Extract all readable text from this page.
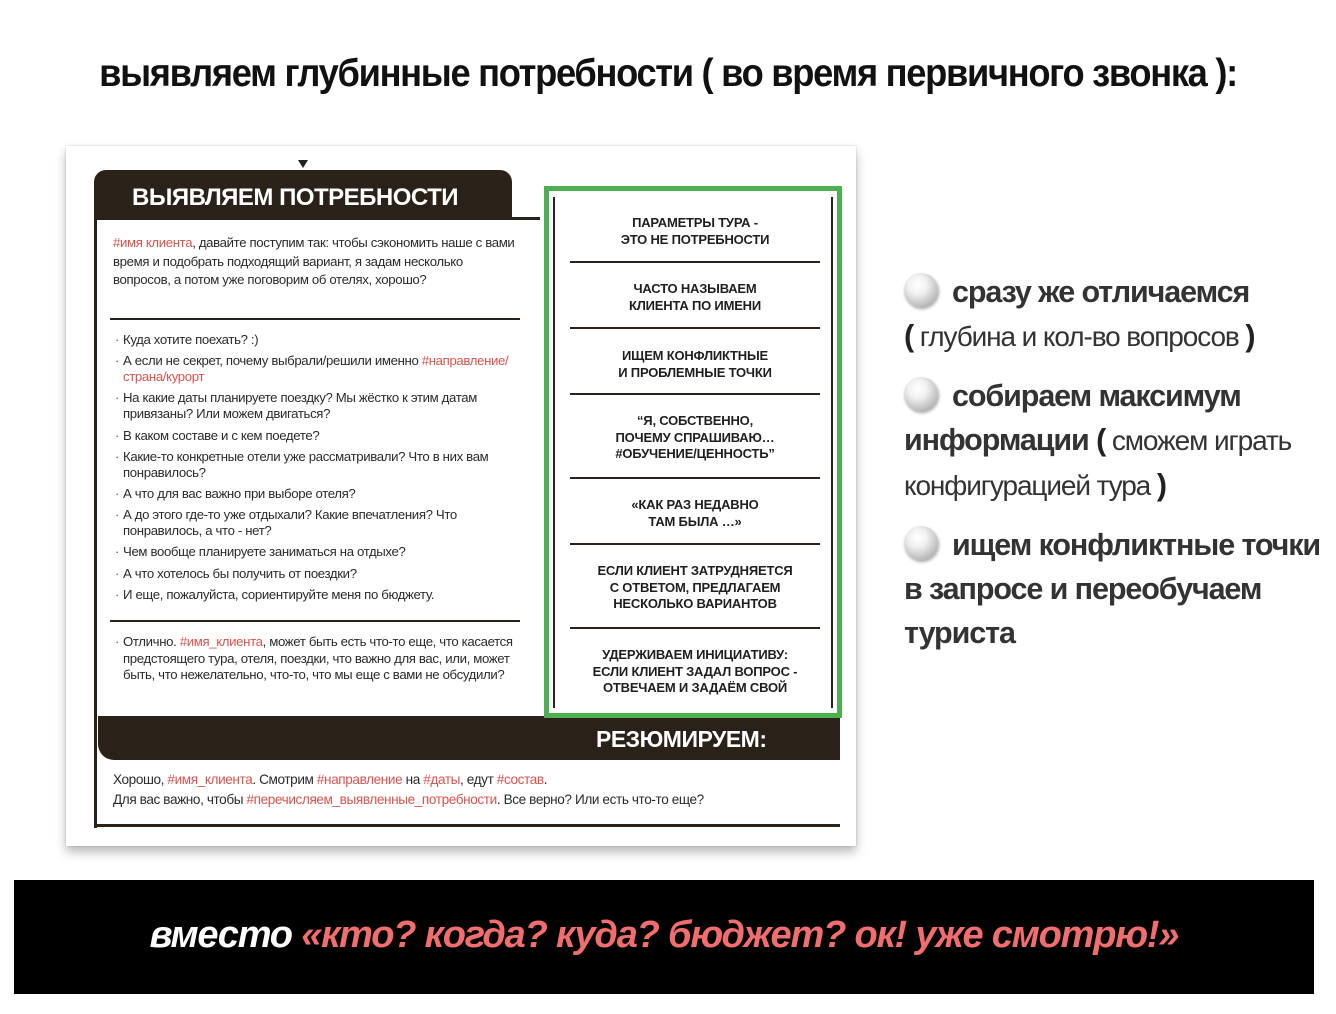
выявляем глубинные потребности ( во время первичного звонка ):
ВЫЯВЛЯЕМ ПОТРЕБНОСТИ
#имя клиента, давайте поступим так: чтобы сэкономить наше с вами время и подобрать подходящий вариант, я задам несколько вопросов, а потом уже поговорим об отелях, хорошо?
· Куда хотите поехать? :)
· А если не секрет, почему выбрали/решили именно #направление/страна/курорт
· На какие даты планируете поездку? Мы жёстко к этим датам привязаны? Или можем двигаться?
· В каком составе и с кем поедете?
· Какие-то конкретные отели уже рассматривали? Что в них вам понравилось?
· А что для вас важно при выборе отеля?
· А до этого где-то уже отдыхали? Какие впечатления? Что понравилось, а что - нет?
· Чем вообще планируете заниматься на отдыхе?
· А что хотелось бы получить от поездки?
· И еще, пожалуйста, сориентируйте меня по бюджету.
· Отлично. #имя_клиента, может быть есть что-то еще, что касается предстоящего тура, отеля, поездки, что важно для вас, или, может быть, что нежелательно, что-то, что мы еще с вами не обсудили?
РЕЗЮМИРУЕМ:
Хорошо, #имя_клиента. Смотрим #направление на #даты, едут #состав.
Для вас важно, чтобы #перечисляем_выявленные_потребности. Все верно? Или есть что-то еще?
ПАРАМЕТРЫ ТУРА -
ЭТО НЕ ПОТРЕБНОСТИ
ЧАСТО НАЗЫВАЕМ
КЛИЕНТА ПО ИМЕНИ
ИЩЕМ КОНФЛИКТНЫЕ
И ПРОБЛЕМНЫЕ ТОЧКИ
“Я, СОБСТВЕННО,
ПОЧЕМУ СПРАШИВАЮ…
#ОБУЧЕНИЕ/ЦЕННОСТЬ”
«КАК РАЗ НЕДАВНО
ТАМ БЫЛА …»
ЕСЛИ КЛИЕНТ ЗАТРУДНЯЕТСЯ
С ОТВЕТОМ, ПРЕДЛАГАЕМ
НЕСКОЛЬКО ВАРИАНТОВ
УДЕРЖИВАЕМ ИНИЦИАТИВУ:
ЕСЛИ КЛИЕНТ ЗАДАЛ ВОПРОС -
ОТВЕЧАЕМ И ЗАДАЁМ СВОЙ
сразу же отличаемся
( глубина и кол-во вопросов )
собираем максимум информации ( сможем играть конфигурацией тура )
ищем конфликтные точки в запросе и переобучаем туриста
вместо «кто? когда? куда? бюджет? ок! уже смотрю!»
